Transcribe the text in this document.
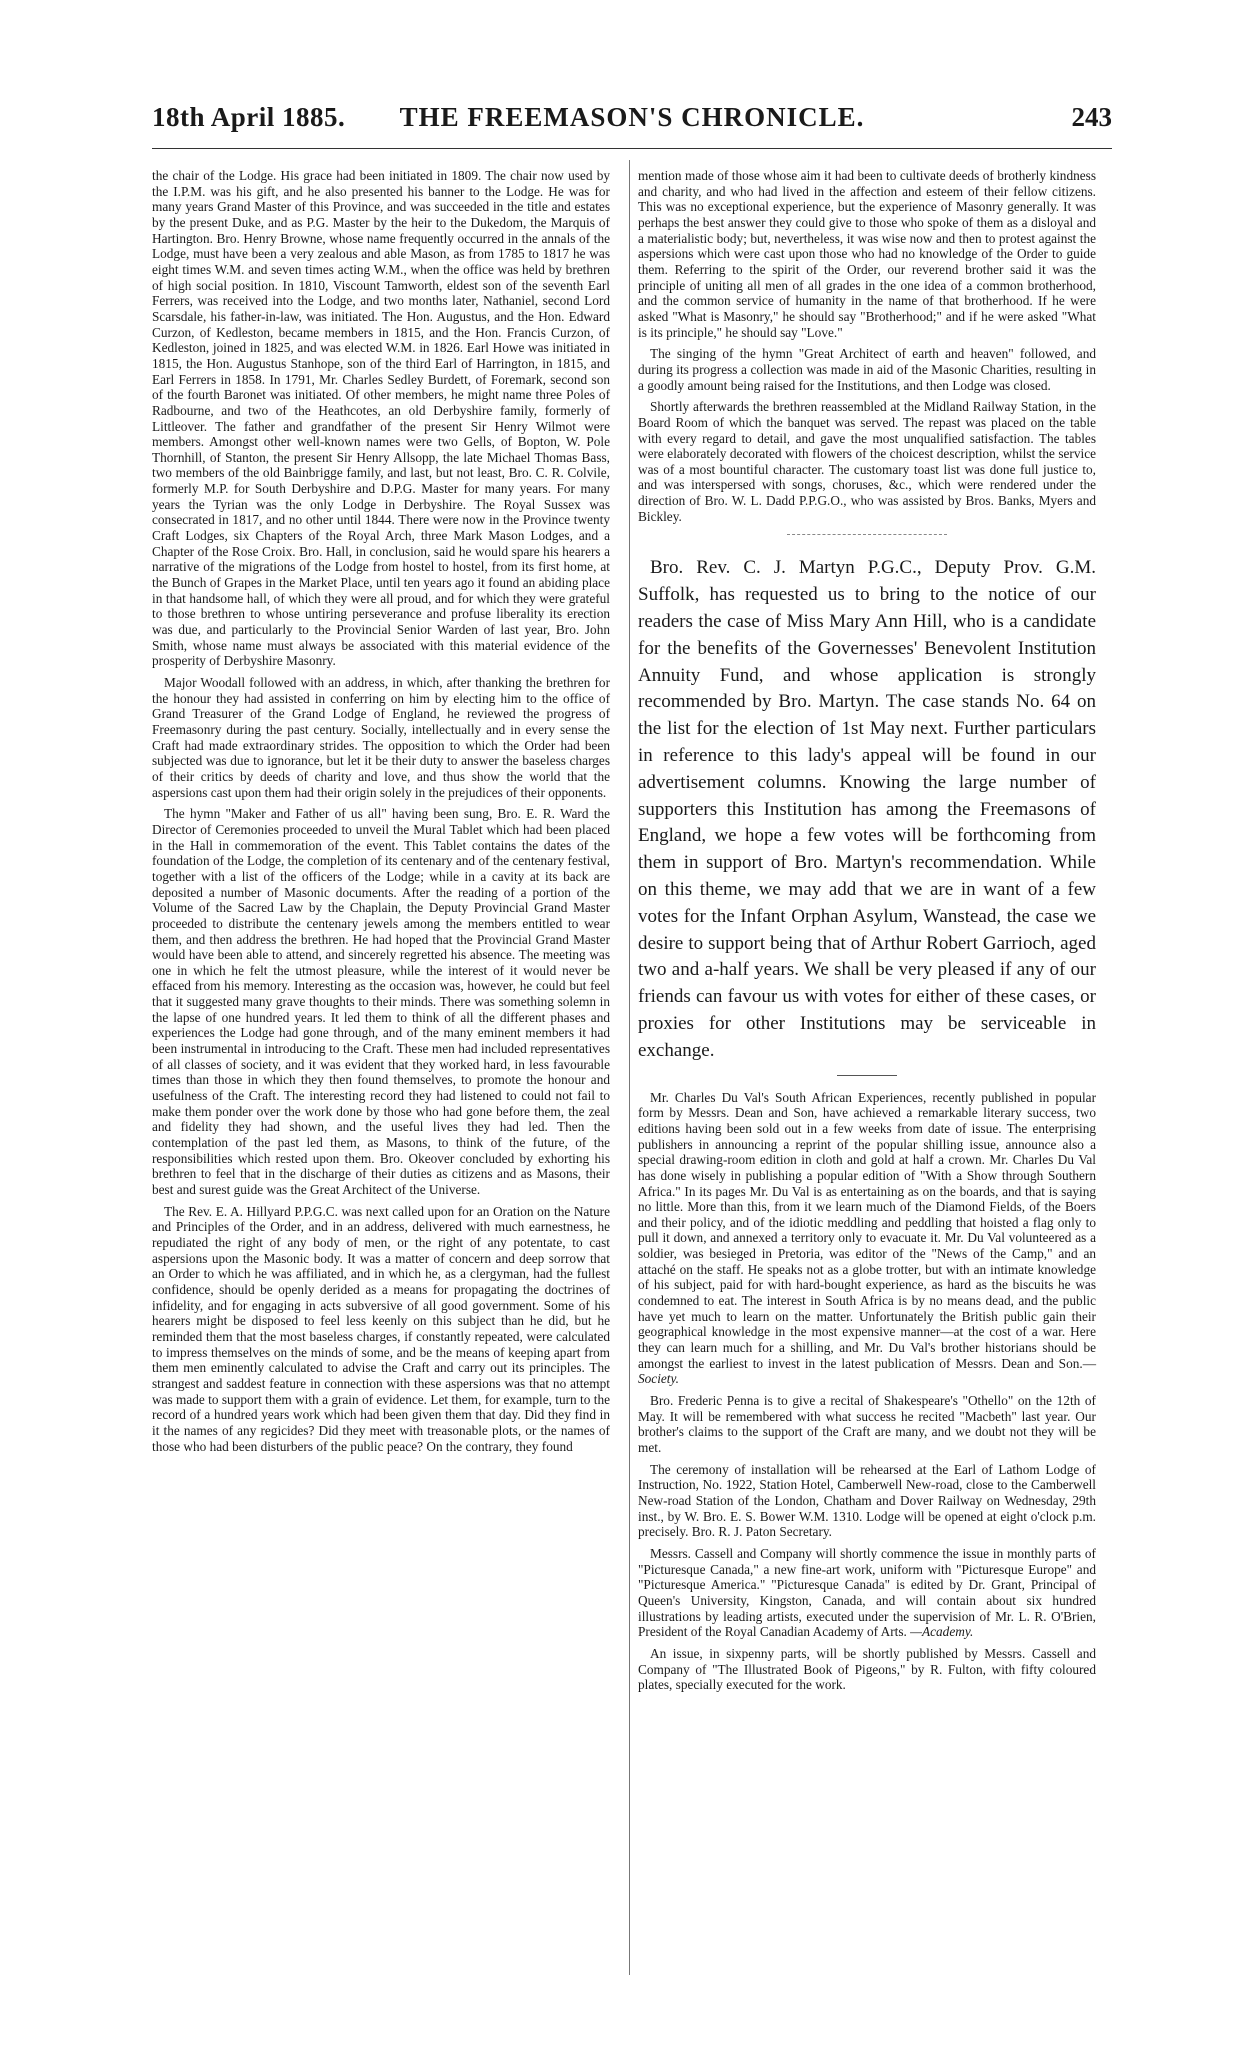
18th April 1885.	THE FREEMASON'S CHRONICLE.	243

the chair of the Lodge. His grace had been initiated in 1809. The chair now used by the I.P.M. was his gift, and he also presented his banner to the Lodge. He was for many years Grand Master of this Province, and was succeeded in the title and estates by the present Duke, and as P.G. Master by the heir to the Dukedom, the Marquis of Hartington. Bro. Henry Browne, whose name frequently occurred in the annals of the Lodge, must have been a very zealous and able Mason, as from 1785 to 1817 he was eight times W.M. and seven times acting W.M., when the office was held by brethren of high social position. In 1810, Viscount Tamworth, eldest son of the seventh Earl Ferrers, was received into the Lodge, and two months later, Nathaniel, second Lord Scarsdale, his father-in-law, was initiated. The Hon. Augustus, and the Hon. Edward Curzon, of Kedleston, became members in 1815, and the Hon. Francis Curzon, of Kedleston, joined in 1825, and was elected W.M. in 1826. Earl Howe was initiated in 1815, the Hon. Augustus Stanhope, son of the third Earl of Harrington, in 1815, and Earl Ferrers in 1858. In 1791, Mr. Charles Sedley Burdett, of Foremark, second son of the fourth Baronet was initiated. Of other members, he might name three Poles of Radbourne, and two of the Heathcotes, an old Derbyshire family, formerly of Littleover. The father and grandfather of the present Sir Henry Wilmot were members. Amongst other well-known names were two Gells, of Bopton, W. Pole Thornhill, of Stanton, the present Sir Henry Allsopp, the late Michael Thomas Bass, two members of the old Bainbrigge family, and last, but not least, Bro. C. R. Colvile, formerly M.P. for South Derbyshire and D.P.G. Master for many years. For many years the Tyrian was the only Lodge in Derbyshire. The Royal Sussex was consecrated in 1817, and no other until 1844. There were now in the Province twenty Craft Lodges, six Chapters of the Royal Arch, three Mark Mason Lodges, and a Chapter of the Rose Croix. Bro. Hall, in conclusion, said he would spare his hearers a narrative of the migrations of the Lodge from hostel to hostel, from its first home, at the Bunch of Grapes in the Market Place, until ten years ago it found an abiding place in that handsome hall, of which they were all proud, and for which they were grateful to those brethren to whose untiring perseverance and profuse liberality its erection was due, and particularly to the Provincial Senior Warden of last year, Bro. John Smith, whose name must always be associated with this material evidence of the prosperity of Derbyshire Masonry.

Major Woodall followed with an address, in which, after thanking the brethren for the honour they had assisted in conferring on him by electing him to the office of Grand Treasurer of the Grand Lodge of England, he reviewed the progress of Freemasonry during the past century. Socially, intellectually and in every sense the Craft had made extraordinary strides. The opposition to which the Order had been subjected was due to ignorance, but let it be their duty to answer the baseless charges of their critics by deeds of charity and love, and thus show the world that the aspersions cast upon them had their origin solely in the prejudices of their opponents.

The hymn "Maker and Father of us all" having been sung, Bro. E. R. Ward the Director of Ceremonies proceeded to unveil the Mural Tablet which had been placed in the Hall in commemoration of the event. This Tablet contains the dates of the foundation of the Lodge, the completion of its centenary and of the centenary festival, together with a list of the officers of the Lodge; while in a cavity at its back are deposited a number of Masonic documents. After the reading of a portion of the Volume of the Sacred Law by the Chaplain, the Deputy Provincial Grand Master proceeded to distribute the centenary jewels among the members entitled to wear them, and then address the brethren. He had hoped that the Provincial Grand Master would have been able to attend, and sincerely regretted his absence. The meeting was one in which he felt the utmost pleasure, while the interest of it would never be effaced from his memory. Interesting as the occasion was, however, he could but feel that it suggested many grave thoughts to their minds. There was something solemn in the lapse of one hundred years. It led them to think of all the different phases and experiences the Lodge had gone through, and of the many eminent members it had been instrumental in introducing to the Craft. These men had included representatives of all classes of society, and it was evident that they worked hard, in less favourable times than those in which they then found themselves, to promote the honour and usefulness of the Craft. The interesting record they had listened to could not fail to make them ponder over the work done by those who had gone before them, the zeal and fidelity they had shown, and the useful lives they had led. Then the contemplation of the past led them, as Masons, to think of the future, of the responsibilities which rested upon them. Bro. Okeover concluded by exhorting his brethren to feel that in the discharge of their duties as citizens and as Masons, their best and surest guide was the Great Architect of the Universe.

The Rev. E. A. Hillyard P.P.G.C. was next called upon for an Oration on the Nature and Principles of the Order, and in an address, delivered with much earnestness, he repudiated the right of any body of men, or the right of any potentate, to cast aspersions upon the Masonic body. It was a matter of concern and deep sorrow that an Order to which he was affiliated, and in which he, as a clergyman, had the fullest confidence, should be openly derided as a means for propagating the doctrines of infidelity, and for engaging in acts subversive of all good government. Some of his hearers might be disposed to feel less keenly on this subject than he did, but he reminded them that the most baseless charges, if constantly repeated, were calculated to impress themselves on the minds of some, and be the means of keeping apart from them men eminently calculated to advise the Craft and carry out its principles. The strangest and saddest feature in connection with these aspersions was that no attempt was made to support them with a grain of evidence. Let them, for example, turn to the record of a hundred years work which had been given them that day. Did they find in it the names of any regicides? Did they meet with treasonable plots, or the names of those who had been disturbers of the public peace? On the contrary, they found

mention made of those whose aim it had been to cultivate deeds of brotherly kindness and charity, and who had lived in the affection and esteem of their fellow citizens. This was no exceptional experience, but the experience of Masonry generally. It was perhaps the best answer they could give to those who spoke of them as a disloyal and a materialistic body; but, nevertheless, it was wise now and then to protest against the aspersions which were cast upon those who had no knowledge of the Order to guide them. Referring to the spirit of the Order, our reverend brother said it was the principle of uniting all men of all grades in the one idea of a common brotherhood, and the common service of humanity in the name of that brotherhood. If he were asked "What is Masonry," he should say "Brotherhood;" and if he were asked "What is its principle," he should say "Love."

The singing of the hymn "Great Architect of earth and heaven" followed, and during its progress a collection was made in aid of the Masonic Charities, resulting in a goodly amount being raised for the Institutions, and then Lodge was closed.

Shortly afterwards the brethren reassembled at the Midland Railway Station, in the Board Room of which the banquet was served. The repast was placed on the table with every regard to detail, and gave the most unqualified satisfaction. The tables were elaborately decorated with flowers of the choicest description, whilst the service was of a most bountiful character. The customary toast list was done full justice to, and was interspersed with songs, choruses, &c., which were rendered under the direction of Bro. W. L. Dadd P.P.G.O., who was assisted by Bros. Banks, Myers and Bickley.

Bro. Rev. C. J. Martyn P.G.C., Deputy Prov. G.M. Suffolk, has requested us to bring to the notice of our readers the case of Miss Mary Ann Hill, who is a candidate for the benefits of the Governesses' Benevolent Institution Annuity Fund, and whose application is strongly recommended by Bro. Martyn. The case stands No. 64 on the list for the election of 1st May next. Further particulars in reference to this lady's appeal will be found in our advertisement columns. Knowing the large number of supporters this Institution has among the Freemasons of England, we hope a few votes will be forthcoming from them in support of Bro. Martyn's recommendation. While on this theme, we may add that we are in want of a few votes for the Infant Orphan Asylum, Wanstead, the case we desire to support being that of Arthur Robert Garrioch, aged two and a-half years. We shall be very pleased if any of our friends can favour us with votes for either of these cases, or proxies for other Institutions may be serviceable in exchange.

Mr. Charles Du Val's South African Experiences, recently published in popular form by Messrs. Dean and Son, have achieved a remarkable literary success, two editions having been sold out in a few weeks from date of issue. The enterprising publishers in announcing a reprint of the popular shilling issue, announce also a special drawing-room edition in cloth and gold at half a crown. Mr. Charles Du Val has done wisely in publishing a popular edition of "With a Show through Southern Africa." In its pages Mr. Du Val is as entertaining as on the boards, and that is saying no little. More than this, from it we learn much of the Diamond Fields, of the Boers and their policy, and of the idiotic meddling and peddling that hoisted a flag only to pull it down, and annexed a territory only to evacuate it. Mr. Du Val volunteered as a soldier, was besieged in Pretoria, was editor of the "News of the Camp," and an attaché on the staff. He speaks not as a globe trotter, but with an intimate knowledge of his subject, paid for with hard-bought experience, as hard as the biscuits he was condemned to eat. The interest in South Africa is by no means dead, and the public have yet much to learn on the matter. Unfortunately the British public gain their geographical knowledge in the most expensive manner—at the cost of a war. Here they can learn much for a shilling, and Mr. Du Val's brother historians should be amongst the earliest to invest in the latest publication of Messrs. Dean and Son.—Society.

Bro. Frederic Penna is to give a recital of Shakespeare's "Othello" on the 12th of May. It will be remembered with what success he recited "Macbeth" last year. Our brother's claims to the support of the Craft are many, and we doubt not they will be met.

The ceremony of installation will be rehearsed at the Earl of Lathom Lodge of Instruction, No. 1922, Station Hotel, Camberwell New-road, close to the Camberwell New-road Station of the London, Chatham and Dover Railway on Wednesday, 29th inst., by W. Bro. E. S. Bower W.M. 1310. Lodge will be opened at eight o'clock p.m. precisely. Bro. R. J. Paton Secretary.

Messrs. Cassell and Company will shortly commence the issue in monthly parts of "Picturesque Canada," a new fine-art work, uniform with "Picturesque Europe" and "Picturesque America." "Picturesque Canada" is edited by Dr. Grant, Principal of Queen's University, Kingston, Canada, and will contain about six hundred illustrations by leading artists, executed under the supervision of Mr. L. R. O'Brien, President of the Royal Canadian Academy of Arts. —Academy.

An issue, in sixpenny parts, will be shortly published by Messrs. Cassell and Company of "The Illustrated Book of Pigeons," by R. Fulton, with fifty coloured plates, specially executed for the work.
